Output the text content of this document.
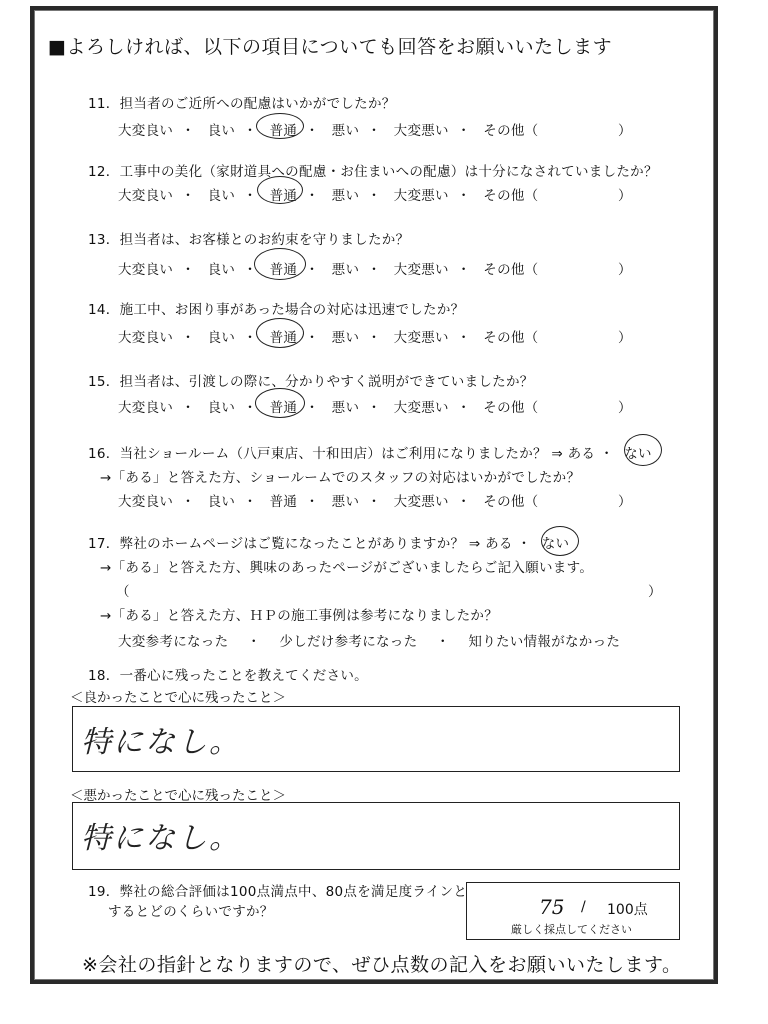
■よろしければ、以下の項目についても回答をお願いいたします
11．担当者のご近所への配慮はいかがでしたか？
大変良い ・ 良い ・ 普通 ・ 悪い ・ 大変悪い ・ その他（	）
12．工事中の美化（家財道具への配慮・お住まいへの配慮）は十分になされていましたか？
大変良い ・ 良い ・ 普通 ・ 悪い ・ 大変悪い ・ その他（	）
13．担当者は、お客様とのお約束を守りましたか？
大変良い ・ 良い ・ 普通 ・ 悪い ・ 大変悪い ・ その他（	）
14．施工中、お困り事があった場合の対応は迅速でしたか？
大変良い ・ 良い ・ 普通 ・ 悪い ・ 大変悪い ・ その他（	）
15．担当者は、引渡しの際に、分かりやすく説明ができていましたか？
大変良い ・ 良い ・ 普通 ・ 悪い ・ 大変悪い ・ その他（	）
16．当社ショールーム（八戸東店、十和田店）はご利用になりましたか？ ⇒ ある ・ ない
→「ある」と答えた方、ショールームでのスタッフの対応はいかがでしたか？
大変良い ・ 良い ・ 普通 ・ 悪い ・ 大変悪い ・ その他（	）
17．弊社のホームページはご覧になったことがありますか？ ⇒ ある ・ ない
→「ある」と答えた方、興味のあったページがございましたらご記入願います。
（	）
→「ある」と答えた方、ＨＰの施工事例は参考になりましたか？
大変参考になった ・ 少しだけ参考になった ・ 知りたい情報がなかった
18．一番心に残ったことを教えてください。
＜良かったことで心に残ったこと＞
特になし。
＜悪かったことで心に残ったこと＞
特になし。
19．弊社の総合評価は100点満点中、80点を満足度ラインと
するとどのくらいですか？	75 / 100点
厳しく採点してください
※会社の指針となりますので、ぜひ点数の記入をお願いいたします。
